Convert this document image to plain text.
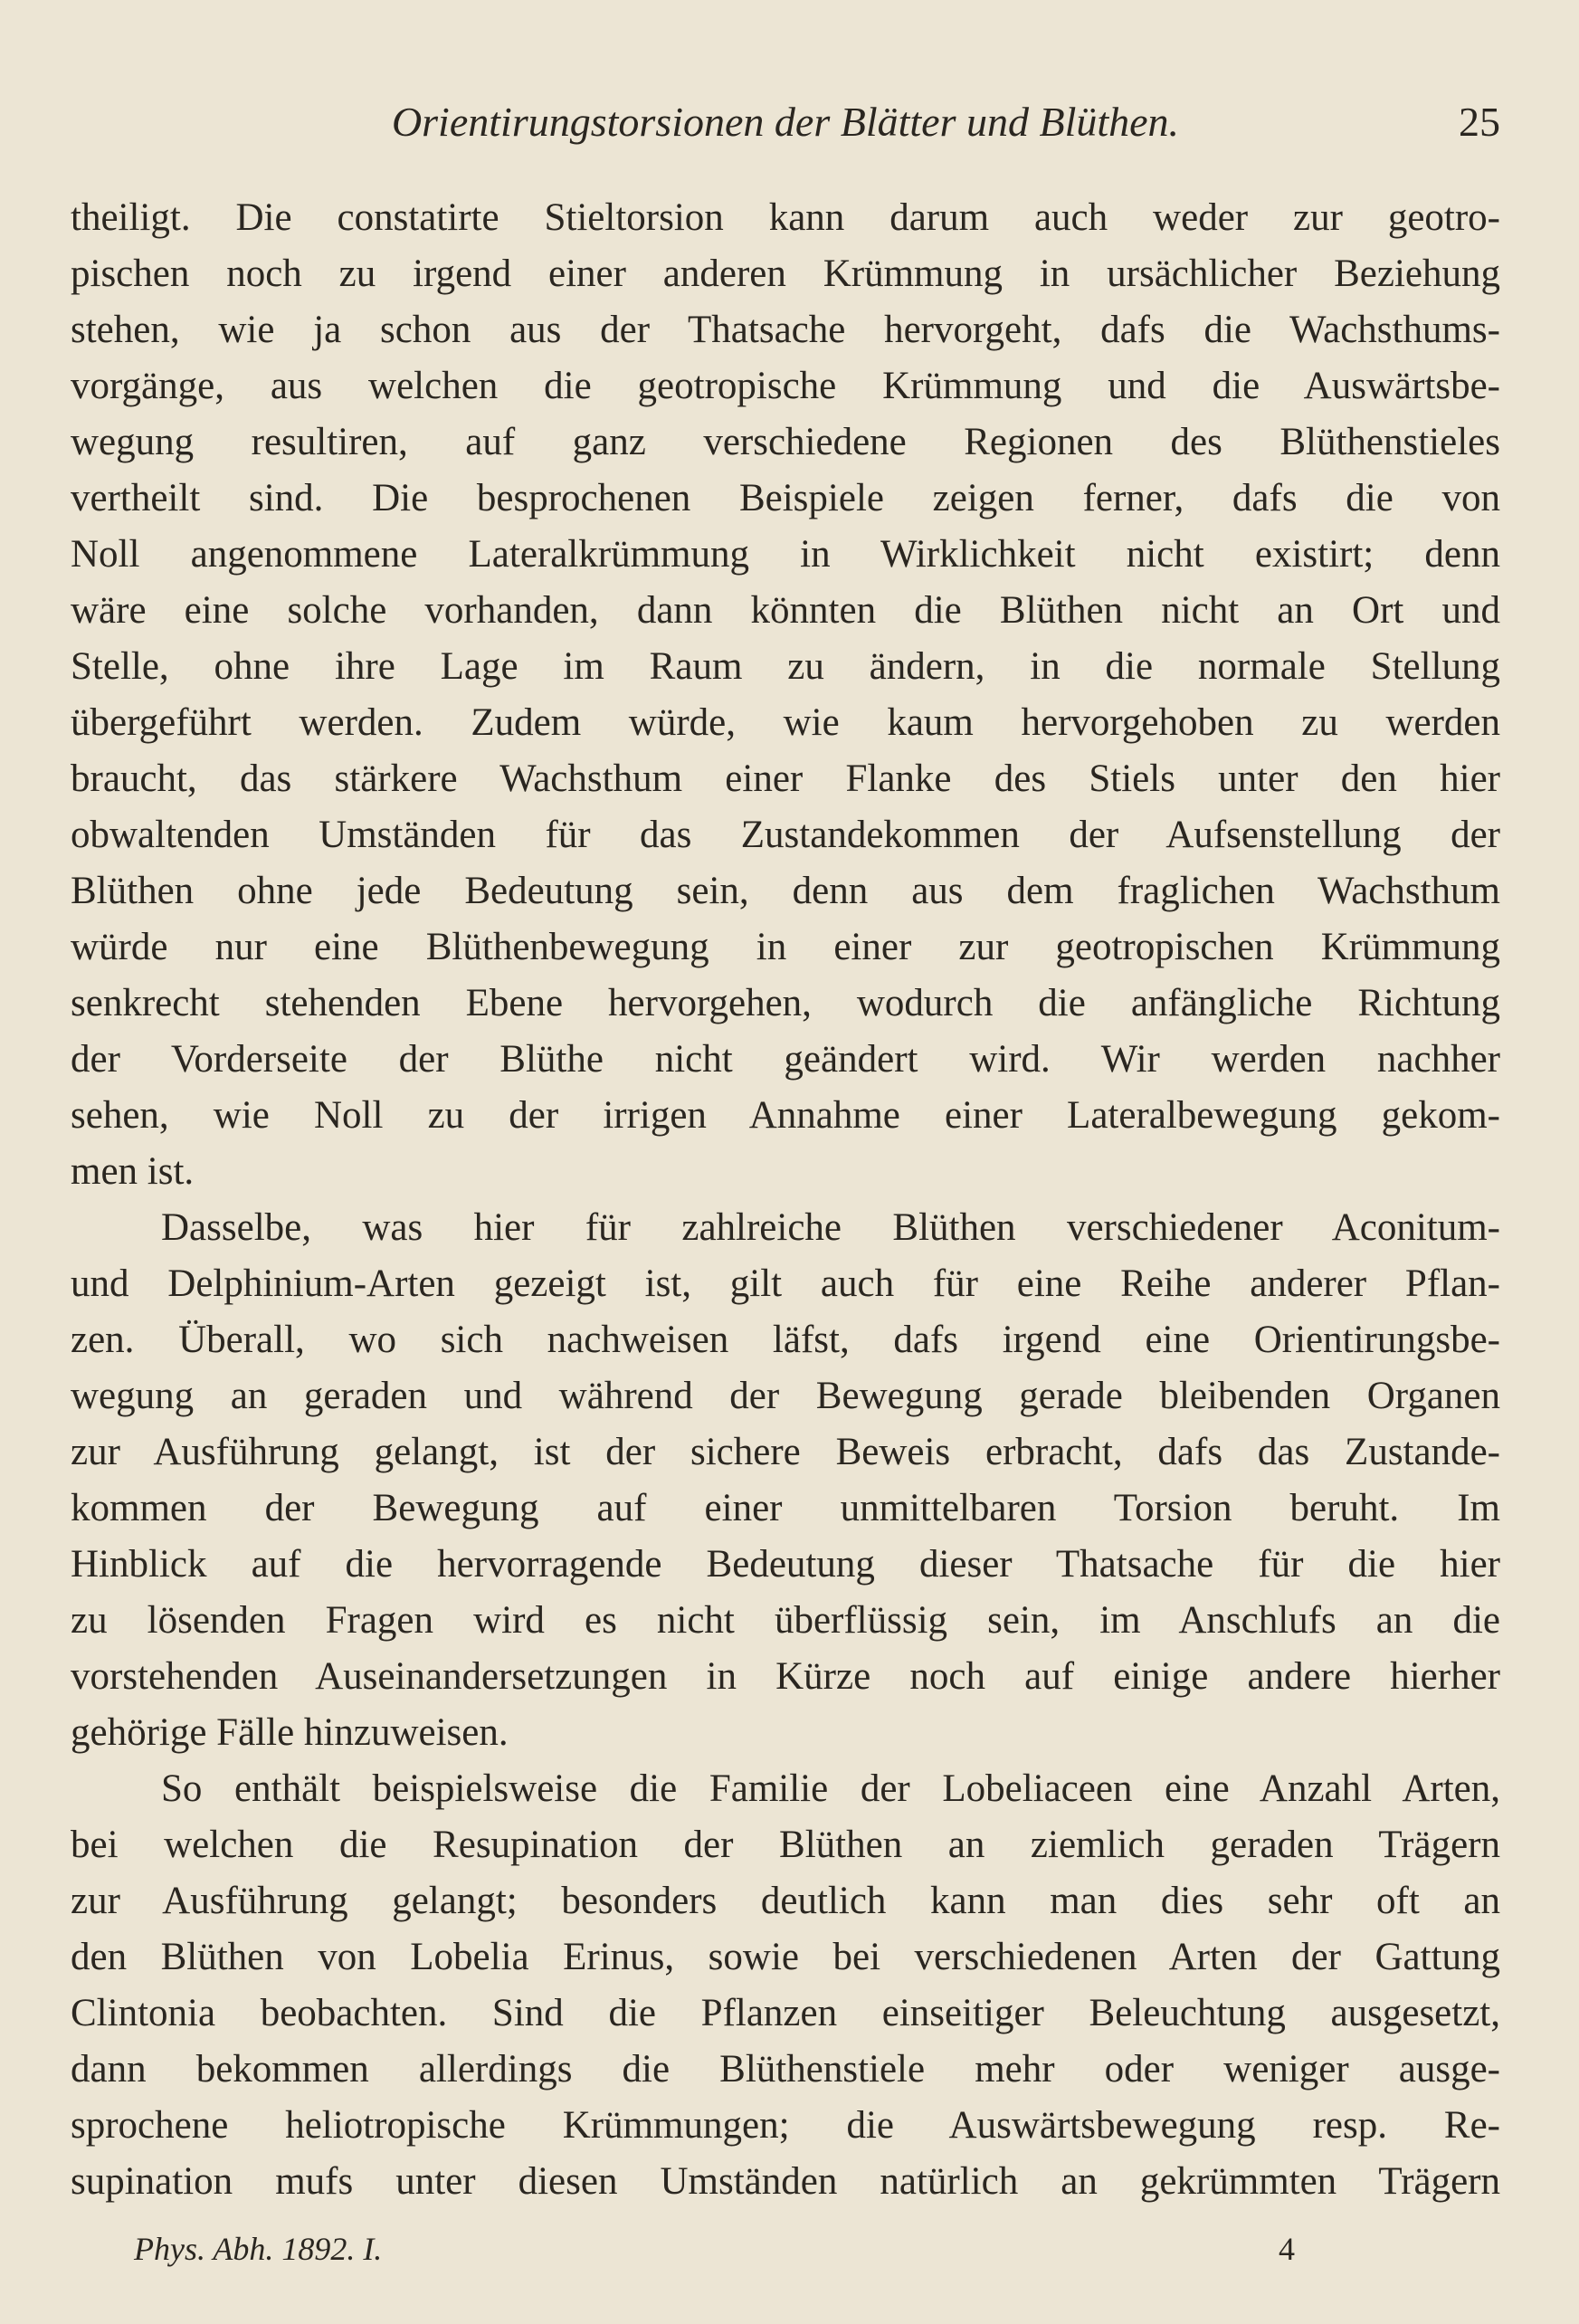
Orientirungstorsionen der Blätter und Blüthen.	25
theiligt. Die constatirte Stieltorsion kann darum auch weder zur geotro-
pischen noch zu irgend einer anderen Krümmung in ursächlicher Beziehung
stehen, wie ja schon aus der Thatsache hervorgeht, dafs die Wachsthums-
vorgänge, aus welchen die geotropische Krümmung und die Auswärtsbe-
wegung resultiren, auf ganz verschiedene Regionen des Blüthenstieles
vertheilt sind. Die besprochenen Beispiele zeigen ferner, dafs die von
Noll angenommene Lateralkrümmung in Wirklichkeit nicht existirt; denn
wäre eine solche vorhanden, dann könnten die Blüthen nicht an Ort und
Stelle, ohne ihre Lage im Raum zu ändern, in die normale Stellung
übergeführt werden. Zudem würde, wie kaum hervorgehoben zu werden
braucht, das stärkere Wachsthum einer Flanke des Stiels unter den hier
obwaltenden Umständen für das Zustandekommen der Aufsenstellung der
Blüthen ohne jede Bedeutung sein, denn aus dem fraglichen Wachsthum
würde nur eine Blüthenbewegung in einer zur geotropischen Krümmung
senkrecht stehenden Ebene hervorgehen, wodurch die anfängliche Richtung
der Vorderseite der Blüthe nicht geändert wird. Wir werden nachher
sehen, wie Noll zu der irrigen Annahme einer Lateralbewegung gekom-
men ist.
Dasselbe, was hier für zahlreiche Blüthen verschiedener Aconitum-
und Delphinium-Arten gezeigt ist, gilt auch für eine Reihe anderer Pflan-
zen. Überall, wo sich nachweisen läfst, dafs irgend eine Orientirungsbe-
wegung an geraden und während der Bewegung gerade bleibenden Organen
zur Ausführung gelangt, ist der sichere Beweis erbracht, dafs das Zustande-
kommen der Bewegung auf einer unmittelbaren Torsion beruht. Im
Hinblick auf die hervorragende Bedeutung dieser Thatsache für die hier
zu lösenden Fragen wird es nicht überflüssig sein, im Anschlufs an die
vorstehenden Auseinandersetzungen in Kürze noch auf einige andere hierher
gehörige Fälle hinzuweisen.
So enthält beispielsweise die Familie der Lobeliaceen eine Anzahl Arten,
bei welchen die Resupination der Blüthen an ziemlich geraden Trägern
zur Ausführung gelangt; besonders deutlich kann man dies sehr oft an
den Blüthen von Lobelia Erinus, sowie bei verschiedenen Arten der Gattung
Clintonia beobachten. Sind die Pflanzen einseitiger Beleuchtung ausgesetzt,
dann bekommen allerdings die Blüthenstiele mehr oder weniger ausge-
sprochene heliotropische Krümmungen; die Auswärtsbewegung resp. Re-
supination mufs unter diesen Umständen natürlich an gekrümmten Trägern
Phys. Abh. 1892. I.	4
